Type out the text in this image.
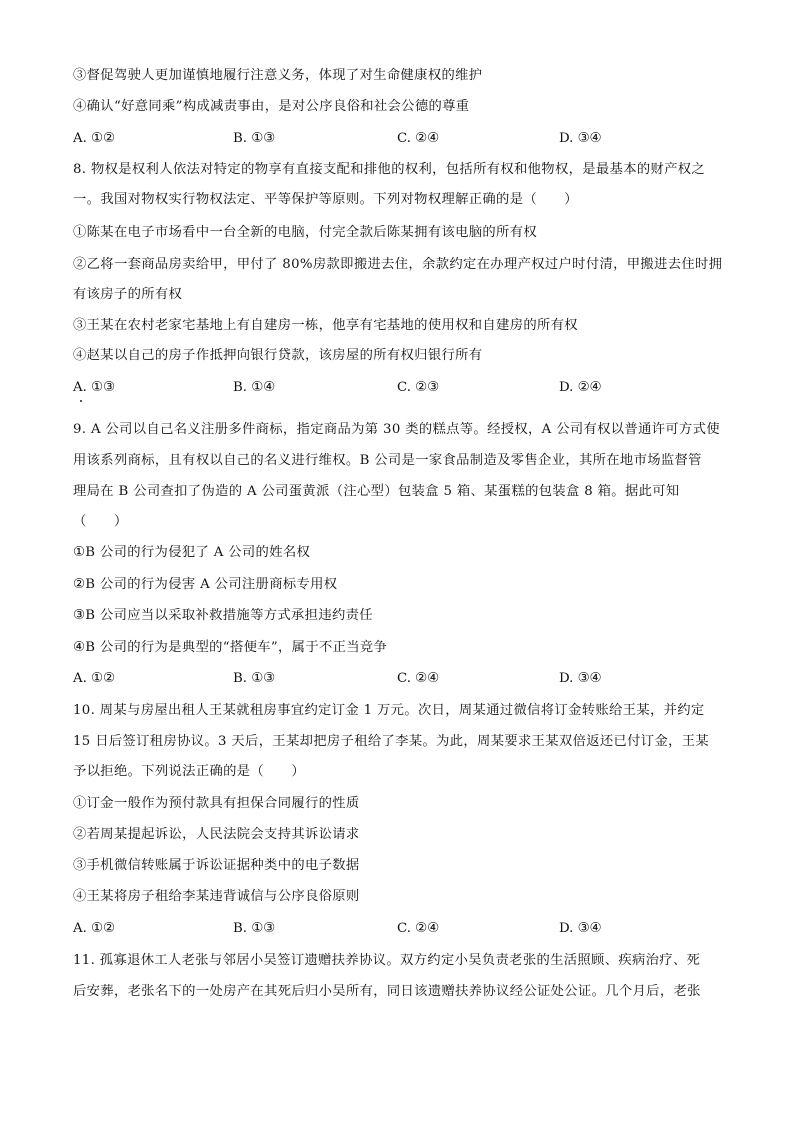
③督促驾驶人更加谨慎地履行注意义务，体现了对生命健康权的维护
④确认“好意同乘”构成减责事由，是对公序良俗和社会公德的尊重
A. ①②	B. ①③	C. ②④	D. ③④
8. 物权是权利人依法对特定的物享有直接支配和排他的权利，包括所有权和他物权，是最基本的财产权之
一。我国对物权实行物权法定、平等保护等原则。下列对物权理解正确的是（　　）
①陈某在电子市场看中一台全新的电脑，付完全款后陈某拥有该电脑的所有权
②乙将一套商品房卖给甲，甲付了 80%房款即搬进去住，余款约定在办理产权过户时付清，甲搬进去住时拥
有该房子的所有权
③王某在农村老家宅基地上有自建房一栋，他享有宅基地的使用权和自建房的所有权
④赵某以自己的房子作抵押向银行贷款，该房屋的所有权归银行所有
A. ①③	B. ①④	C. ②③	D. ②④
9. A 公司以自己名义注册多件商标，指定商品为第 30 类的糕点等。经授权，A 公司有权以普通许可方式使
用该系列商标，且有权以自己的名义进行维权。B 公司是一家食品制造及零售企业，其所在地市场监督管
理局在 B 公司查扣了伪造的 A 公司蛋黄派（注心型）包装盒 5 箱、某蛋糕的包装盒 8 箱。据此可知
（　　）
①B 公司的行为侵犯了 A 公司的姓名权
②B 公司的行为侵害 A 公司注册商标专用权
③B 公司应当以采取补救措施等方式承担违约责任
④B 公司的行为是典型的“搭便车”，属于不正当竞争
A. ①②	B. ①③	C. ②④	D. ③④
10. 周某与房屋出租人王某就租房事宜约定订金 1 万元。次日，周某通过微信将订金转账给王某，并约定
15 日后签订租房协议。3 天后，王某却把房子租给了李某。为此，周某要求王某双倍返还已付订金，王某
予以拒绝。下列说法正确的是（　　）
①订金一般作为预付款具有担保合同履行的性质
②若周某提起诉讼，人民法院会支持其诉讼请求
③手机微信转账属于诉讼证据种类中的电子数据
④王某将房子租给李某违背诚信与公序良俗原则
A. ①②	B. ①③	C. ②④	D. ③④
11. 孤寡退休工人老张与邻居小吴签订遗赠扶养协议。双方约定小吴负责老张的生活照顾、疾病治疗、死
后安葬，老张名下的一处房产在其死后归小吴所有，同日该遗赠扶养协议经公证处公证。几个月后，老张
